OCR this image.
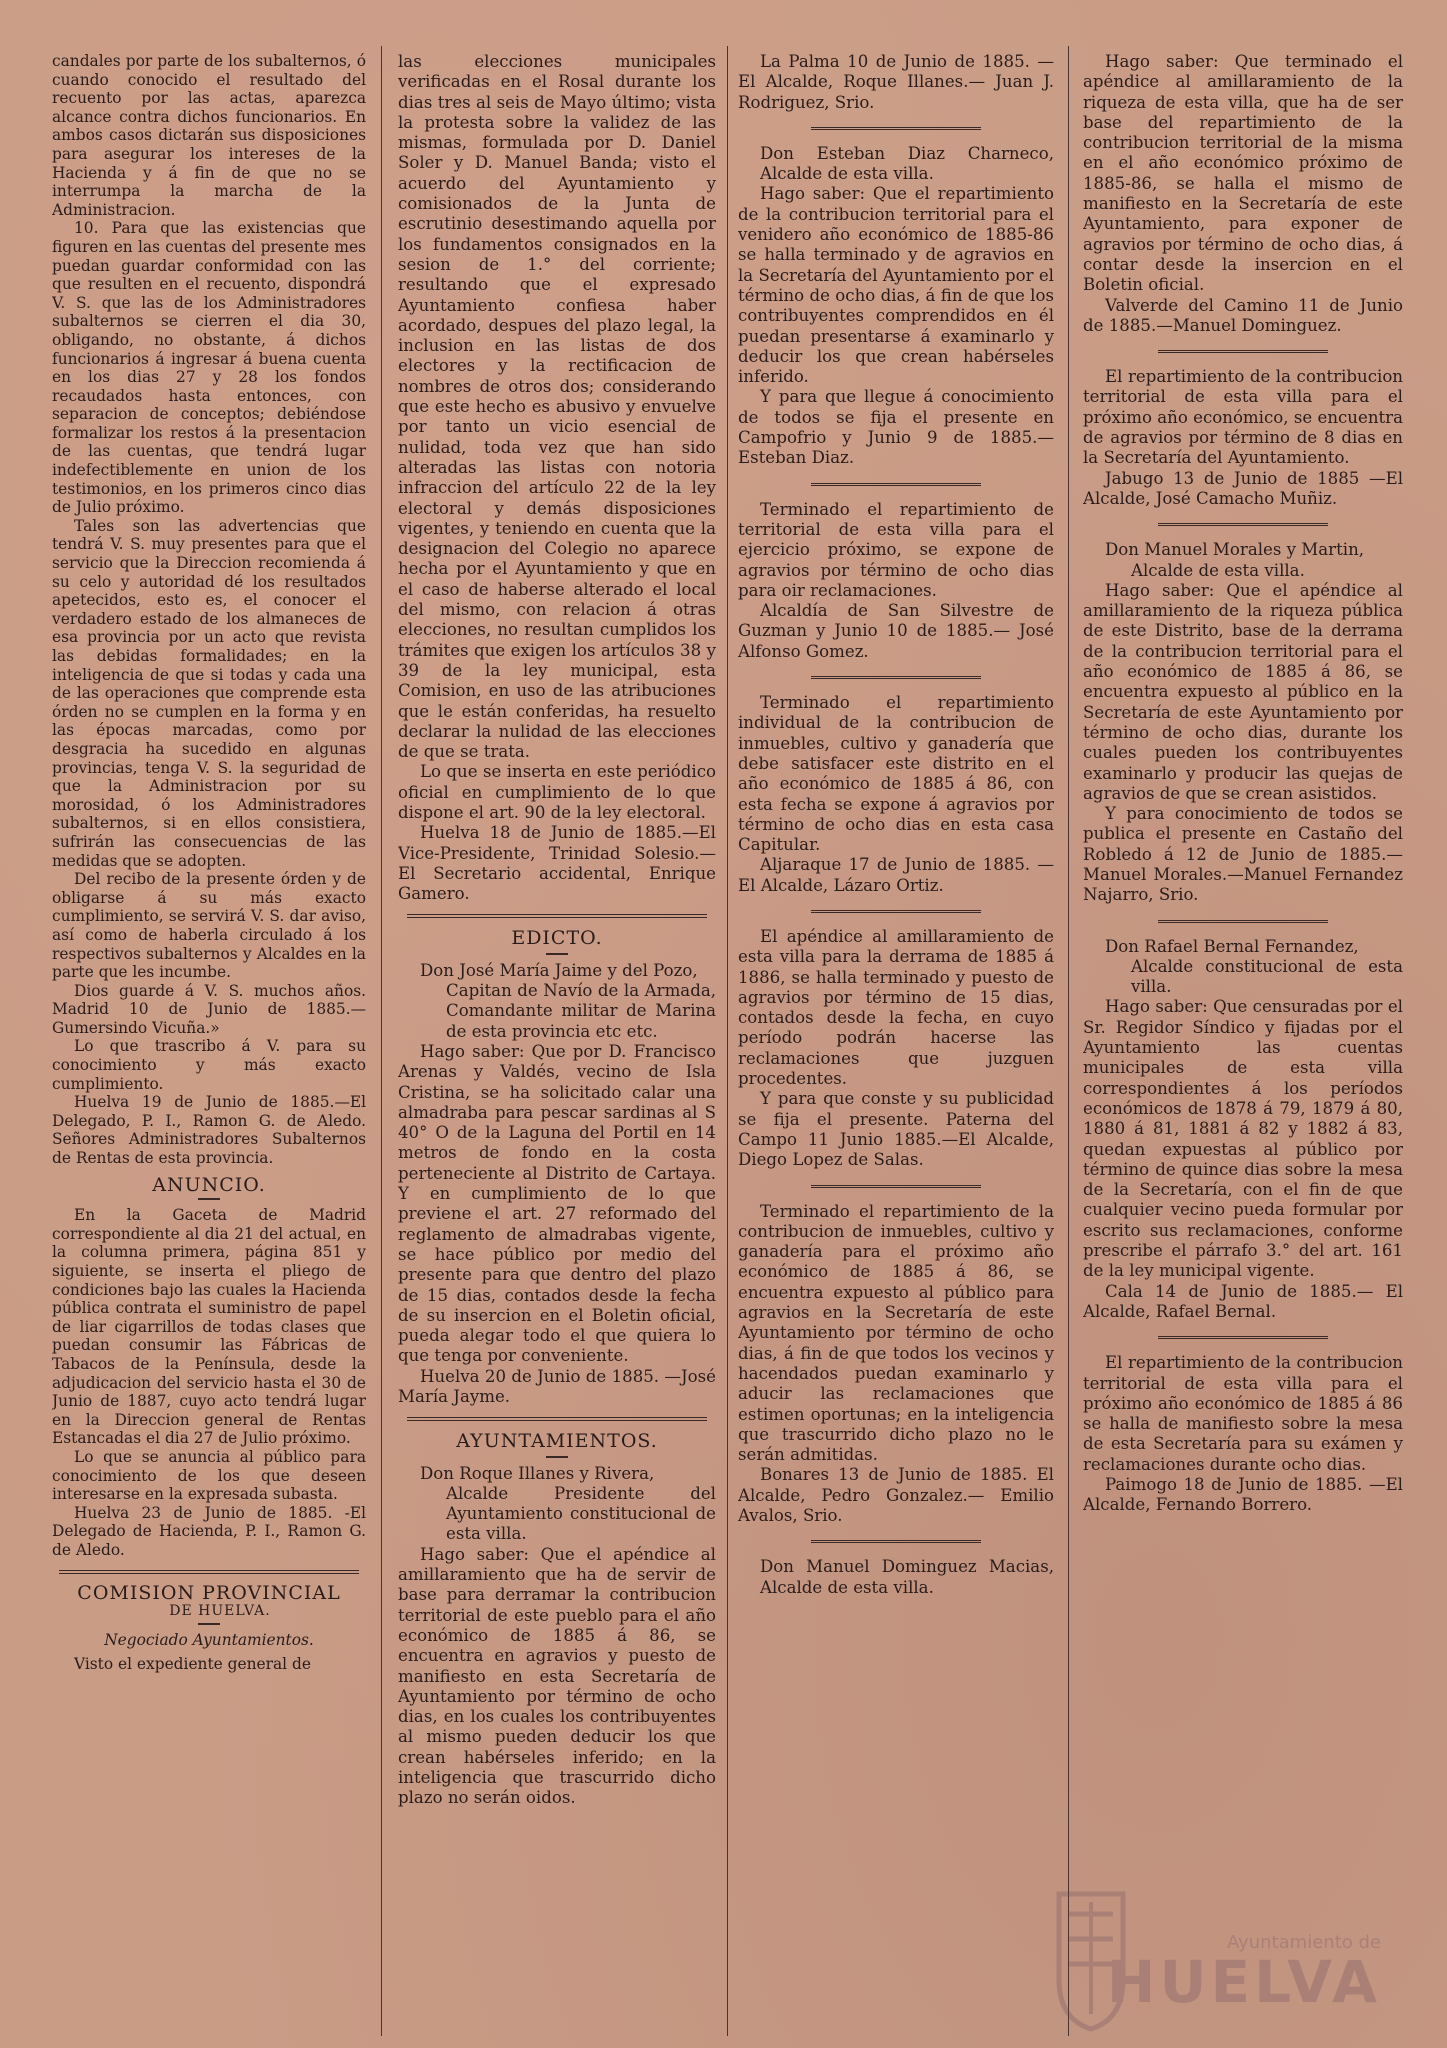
candales por parte de los subalternos, ó cuando conocido el resultado del recuento por las actas, aparezca alcance contra dichos funcionarios. En ambos casos dictarán sus disposiciones para asegurar los intereses de la Hacienda y á fin de que no se interrumpa la marcha de la Administracion.

10. Para que las existencias que figuren en las cuentas del presente mes puedan guardar conformidad con las que resulten en el recuento, dispondrá V. S. que las de los Administradores subalternos se cierren el dia 30, obligando, no obstante, á dichos funcionarios á ingresar á buena cuenta en los dias 27 y 28 los fondos recaudados hasta entonces, con separacion de conceptos; debiéndose formalizar los restos á la presentacion de las cuentas, que tendrá lugar indefectiblemente en union de los testimonios, en los primeros cinco dias de Julio próximo.

Tales son las advertencias que tendrá V. S. muy presentes para que el servicio que la Direccion recomienda á su celo y autoridad dé los resultados apetecidos, esto es, el conocer el verdadero estado de los almaneces de esa provincia por un acto que revista las debidas formalidades; en la inteligencia de que si todas y cada una de las operaciones que comprende esta órden no se cumplen en la forma y en las épocas marcadas, como por desgracia ha sucedido en algunas provincias, tenga V. S. la seguridad de que la Administracion por su morosidad, ó los Administradores subalternos, si en ellos consistiera, sufrirán las consecuencias de las medidas que se adopten.

Del recibo de la presente órden y de obligarse á su más exacto cumplimiento, se servirá V. S. dar aviso, así como de haberla circulado á los respectivos subalternos y Alcaldes en la parte que les incumbe.

Dios guarde á V. S. muchos años. Madrid 10 de Junio de 1885.—Gumersindo Vicuña.»

Lo que trascribo á V. para su conocimiento y más exacto cumplimiento.

Huelva 19 de Junio de 1885.—El Delegado, P. I., Ramon G. de Aledo. Señores Administradores Subalternos de Rentas de esta provincia.

ANUNCIO.

En la Gaceta de Madrid correspondiente al dia 21 del actual, en la columna primera, página 851 y siguiente, se inserta el pliego de condiciones bajo las cuales la Hacienda pública contrata el suministro de papel de liar cigarrillos de todas clases que puedan consumir las Fábricas de Tabacos de la Península, desde la adjudicacion del servicio hasta el 30 de Junio de 1887, cuyo acto tendrá lugar en la Direccion general de Rentas Estancadas el dia 27 de Julio próximo.

Lo que se anuncia al público para conocimiento de los que deseen interesarse en la expresada subasta.

Huelva 23 de Junio de 1885. -El Delegado de Hacienda, P. I., Ramon G. de Aledo.

COMISION PROVINCIAL

DE HUELVA.

Negociado Ayuntamientos.

Visto el expediente general de

las elecciones municipales verificadas en el Rosal durante los dias tres al seis de Mayo último; vista la protesta sobre la validez de las mismas, formulada por D. Daniel Soler y D. Manuel Banda; visto el acuerdo del Ayuntamiento y comisionados de la Junta de escrutinio desestimando aquella por los fundamentos consignados en la sesion de 1.° del corriente; resultando que el expresado Ayuntamiento confiesa haber acordado, despues del plazo legal, la inclusion en las listas de dos electores y la rectificacion de nombres de otros dos; considerando que este hecho es abusivo y envuelve por tanto un vicio esencial de nulidad, toda vez que han sido alteradas las listas con notoria infraccion del artículo 22 de la ley electoral y demás disposiciones vigentes, y teniendo en cuenta que la designacion del Colegio no aparece hecha por el Ayuntamiento y que en el caso de haberse alterado el local del mismo, con relacion á otras elecciones, no resultan cumplidos los trámites que exigen los artículos 38 y 39 de la ley municipal, esta Comision, en uso de las atribuciones que le están conferidas, ha resuelto declarar la nulidad de las elecciones de que se trata.

Lo que se inserta en este periódico oficial en cumplimiento de lo que dispone el art. 90 de la ley electoral.

Huelva 18 de Junio de 1885.—El Vice-Presidente, Trinidad Solesio.— El Secretario accidental, Enrique Gamero.

EDICTO.

Don José María Jaime y del Pozo,

Capitan de Navío de la Armada, Comandante militar de Marina de esta provincia etc etc.

Hago saber: Que por D. Francisco Arenas y Valdés, vecino de Isla Cristina, se ha solicitado calar una almadraba para pescar sardinas al S 40° O de la Laguna del Portil en 14 metros de fondo en la costa perteneciente al Distrito de Cartaya. Y en cumplimiento de lo que previene el art. 27 reformado del reglamento de almadrabas vigente, se hace público por medio del presente para que dentro del plazo de 15 dias, contados desde la fecha de su insercion en el Boletin oficial, pueda alegar todo el que quiera lo que tenga por conveniente.

Huelva 20 de Junio de 1885. —José María Jayme.

AYUNTAMIENTOS.

Don Roque Illanes y Rivera,

Alcalde Presidente del Ayuntamiento constitucional de esta villa.

Hago saber: Que el apéndice al amillaramiento que ha de servir de base para derramar la contribucion territorial de este pueblo para el año económico de 1885 á 86, se encuentra en agravios y puesto de manifiesto en esta Secretaría de Ayuntamiento por término de ocho dias, en los cuales los contribuyentes al mismo pueden deducir los que crean habérseles inferido; en la inteligencia que trascurrido dicho plazo no serán oidos.

La Palma 10 de Junio de 1885. —El Alcalde, Roque Illanes.— Juan J. Rodriguez, Srio.

Don Esteban Diaz Charneco, Alcalde de esta villa.

Hago saber: Que el repartimiento de la contribucion territorial para el venidero año económico de 1885-86 se halla terminado y de agravios en la Secretaría del Ayuntamiento por el término de ocho dias, á fin de que los contribuyentes comprendidos en él puedan presentarse á examinarlo y deducir los que crean habérseles inferido.

Y para que llegue á conocimiento de todos se fija el presente en Campofrio y Junio 9 de 1885.—Esteban Diaz.

Terminado el repartimiento de territorial de esta villa para el ejercicio próximo, se expone de agravios por término de ocho dias para oir reclamaciones.

Alcaldía de San Silvestre de Guzman y Junio 10 de 1885.— José Alfonso Gomez.

Terminado el repartimiento individual de la contribucion de inmuebles, cultivo y ganadería que debe satisfacer este distrito en el año económico de 1885 á 86, con esta fecha se expone á agravios por término de ocho dias en esta casa Capitular.

Aljaraque 17 de Junio de 1885. —El Alcalde, Lázaro Ortiz.

El apéndice al amillaramiento de esta villa para la derrama de 1885 á 1886, se halla terminado y puesto de agravios por término de 15 dias, contados desde la fecha, en cuyo período podrán hacerse las reclamaciones que juzguen procedentes.

Y para que conste y su publicidad se fija el presente. Paterna del Campo 11 Junio 1885.—El Alcalde, Diego Lopez de Salas.

Terminado el repartimiento de la contribucion de inmuebles, cultivo y ganadería para el próximo año económico de 1885 á 86, se encuentra expuesto al público para agravios en la Secretaría de este Ayuntamiento por término de ocho dias, á fin de que todos los vecinos y hacendados puedan examinarlo y aducir las reclamaciones que estimen oportunas; en la inteligencia que trascurrido dicho plazo no le serán admitidas.

Bonares 13 de Junio de 1885. El Alcalde, Pedro Gonzalez.— Emilio Avalos, Srio.

Don Manuel Dominguez Macias, Alcalde de esta villa.

Hago saber: Que terminado el apéndice al amillaramiento de la riqueza de esta villa, que ha de ser base del repartimiento de la contribucion territorial de la misma en el año económico próximo de 1885-86, se halla el mismo de manifiesto en la Secretaría de este Ayuntamiento, para exponer de agravios por término de ocho dias, á contar desde la insercion en el Boletin oficial.

Valverde del Camino 11 de Junio de 1885.—Manuel Dominguez.

El repartimiento de la contribucion territorial de esta villa para el próximo año económico, se encuentra de agravios por término de 8 dias en la Secretaría del Ayuntamiento.

Jabugo 13 de Junio de 1885 —El Alcalde, José Camacho Muñiz.

Don Manuel Morales y Martin,

Alcalde de esta villa.

Hago saber: Que el apéndice al amillaramiento de la riqueza pública de este Distrito, base de la derrama de la contribucion territorial para el año económico de 1885 á 86, se encuentra expuesto al público en la Secretaría de este Ayuntamiento por término de ocho dias, durante los cuales pueden los contribuyentes examinarlo y producir las quejas de agravios de que se crean asistidos.

Y para conocimiento de todos se publica el presente en Castaño del Robledo á 12 de Junio de 1885.—Manuel Morales.—Manuel Fernandez Najarro, Srio.

Don Rafael Bernal Fernandez,

Alcalde constitucional de esta villa.

Hago saber: Que censuradas por el Sr. Regidor Síndico y fijadas por el Ayuntamiento las cuentas municipales de esta villa correspondientes á los períodos económicos de 1878 á 79, 1879 á 80, 1880 á 81, 1881 á 82 y 1882 á 83, quedan expuestas al público por término de quince dias sobre la mesa de la Secretaría, con el fin de que cualquier vecino pueda formular por escrito sus reclamaciones, conforme prescribe el párrafo 3.° del art. 161 de la ley municipal vigente.

Cala 14 de Junio de 1885.— El Alcalde, Rafael Bernal.

El repartimiento de la contribucion territorial de esta villa para el próximo año económico de 1885 á 86 se halla de manifiesto sobre la mesa de esta Secretaría para su exámen y reclamaciones durante ocho dias.

Paimogo 18 de Junio de 1885. —El Alcalde, Fernando Borrero.

Ayuntamiento de
HUELVA
